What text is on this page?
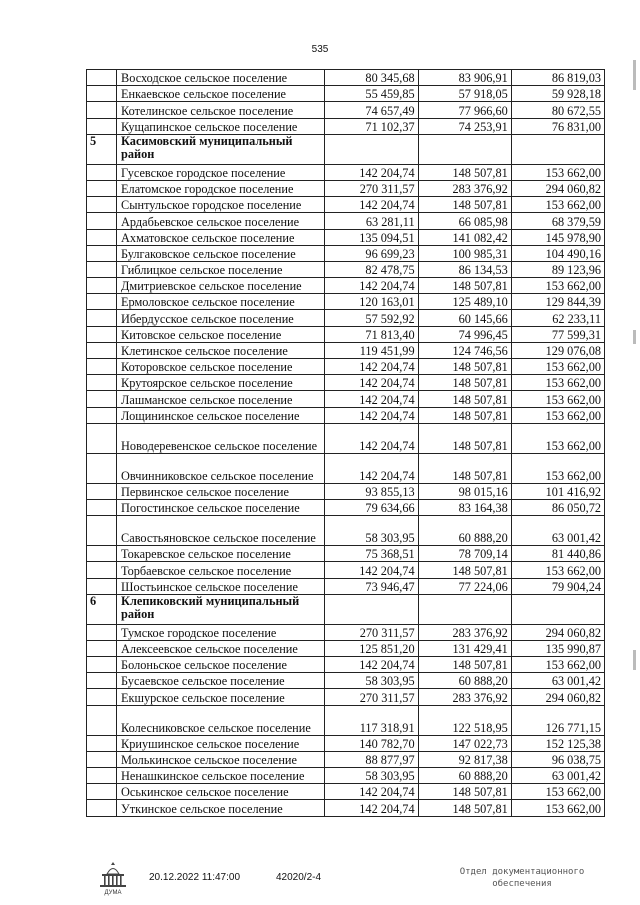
535
	Восходское сельское поселение	80 345,68	83 906,91	86 819,03
	Енкаевское сельское поселение	55 459,85	57 918,05	59 928,18
	Котелинское сельское поселение	74 657,49	77 966,60	80 672,55
	Кущапинское сельское поселение	71 102,37	74 253,91	76 831,00
5	Касимовский муниципальный район			
	Гусевское городское поселение	142 204,74	148 507,81	153 662,00
	Елатомское городское поселение	270 311,57	283 376,92	294 060,82
	Сынтульское городское поселение	142 204,74	148 507,81	153 662,00
	Ардабьевское сельское поселение	63 281,11	66 085,98	68 379,59
	Ахматовское сельское поселение	135 094,51	141 082,42	145 978,90
	Булгаковское сельское поселение	96 699,23	100 985,31	104 490,16
	Гиблицкое сельское поселение	82 478,75	86 134,53	89 123,96
	Дмитриевское сельское поселение	142 204,74	148 507,81	153 662,00
	Ермоловское сельское поселение	120 163,01	125 489,10	129 844,39
	Ибердусское сельское поселение	57 592,92	60 145,66	62 233,11
	Китовское сельское поселение	71 813,40	74 996,45	77 599,31
	Клетинское сельское поселение	119 451,99	124 746,56	129 076,08
	Которовское сельское поселение	142 204,74	148 507,81	153 662,00
	Крутоярское сельское поселение	142 204,74	148 507,81	153 662,00
	Лашманское сельское поселение	142 204,74	148 507,81	153 662,00
	Лощининское сельское поселение	142 204,74	148 507,81	153 662,00
	Новодеревенское сельское поселение	142 204,74	148 507,81	153 662,00
	Овчинниковское сельское поселение	142 204,74	148 507,81	153 662,00
	Первинское сельское поселение	93 855,13	98 015,16	101 416,92
	Погостинское сельское поселение	79 634,66	83 164,38	86 050,72
	Савостьяновское сельское поселение	58 303,95	60 888,20	63 001,42
	Токаревское сельское поселение	75 368,51	78 709,14	81 440,86
	Торбаевское сельское поселение	142 204,74	148 507,81	153 662,00
	Шостьинское сельское поселение	73 946,47	77 224,06	79 904,24
6	Клепиковский муниципальный район			
	Тумское городское поселение	270 311,57	283 376,92	294 060,82
	Алексеевское сельское поселение	125 851,20	131 429,41	135 990,87
	Болоньское сельское поселение	142 204,74	148 507,81	153 662,00
	Бусаевское сельское поселение	58 303,95	60 888,20	63 001,42
	Екшурское сельское поселение	270 311,57	283 376,92	294 060,82
	Колесниковское сельское поселение	117 318,91	122 518,95	126 771,15
	Криушинское сельское поселение	140 782,70	147 022,73	152 125,38
	Молькинское сельское поселение	88 877,97	92 817,38	96 038,75
	Ненашкинское сельское поселение	58 303,95	60 888,20	63 001,42
	Оськинское сельское поселение	142 204,74	148 507,81	153 662,00
	Уткинское сельское поселение	142 204,74	148 507,81	153 662,00
ДУМА
20.12.2022 11:47:00	42020/2-4	Отдел документационного
обеспечения
